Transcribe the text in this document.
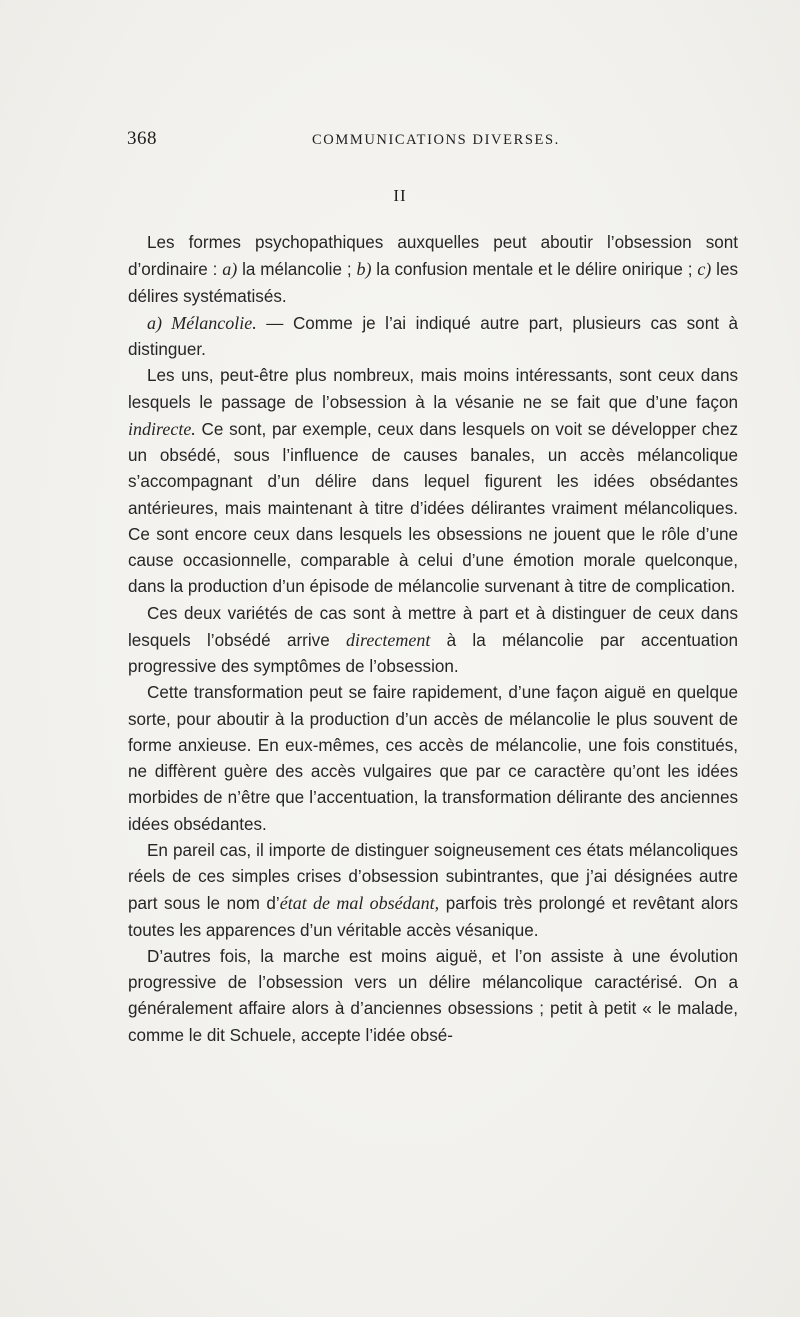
368	COMMUNICATIONS DIVERSES.
II

Les formes psychopathiques auxquelles peut aboutir l’obsession sont d’ordinaire : a) la mélancolie ; b) la confusion mentale et le délire onirique ; c) les délires systématisés.

a) Mélancolie. — Comme je l’ai indiqué autre part, plusieurs cas sont à distinguer.

Les uns, peut-être plus nombreux, mais moins intéressants, sont ceux dans lesquels le passage de l’obsession à la vésanie ne se fait que d’une façon indirecte. Ce sont, par exemple, ceux dans lesquels on voit se développer chez un obsédé, sous l’influence de causes banales, un accès mélancolique s’accompagnant d’un délire dans lequel figurent les idées obsédantes antérieures, mais maintenant à titre d’idées délirantes vraiment mélancoliques. Ce sont encore ceux dans lesquels les obsessions ne jouent que le rôle d’une cause occasionnelle, comparable à celui d’une émotion morale quelconque, dans la production d’un épisode de mélancolie survenant à titre de complication.

Ces deux variétés de cas sont à mettre à part et à distinguer de ceux dans lesquels l’obsédé arrive directement à la mélancolie par accentuation progressive des symptômes de l’obsession.

Cette transformation peut se faire rapidement, d’une façon aiguë en quelque sorte, pour aboutir à la production d’un accès de mélancolie le plus souvent de forme anxieuse. En eux-mêmes, ces accès de mélancolie, une fois constitués, ne diffèrent guère des accès vulgaires que par ce caractère qu’ont les idées morbides de n’être que l’accentuation, la transformation délirante des anciennes idées obsédantes.

En pareil cas, il importe de distinguer soigneusement ces états mélancoliques réels de ces simples crises d’obsession subintrantes, que j’ai désignées autre part sous le nom d’état de mal obsédant, parfois très prolongé et revêtant alors toutes les apparences d’un véritable accès vésanique.

D’autres fois, la marche est moins aiguë, et l’on assiste à une évolution progressive de l’obsession vers un délire mélancolique caractérisé. On a généralement affaire alors à d’anciennes obsessions ; petit à petit « le malade, comme le dit Schuele, accepte l’idée obsé-
